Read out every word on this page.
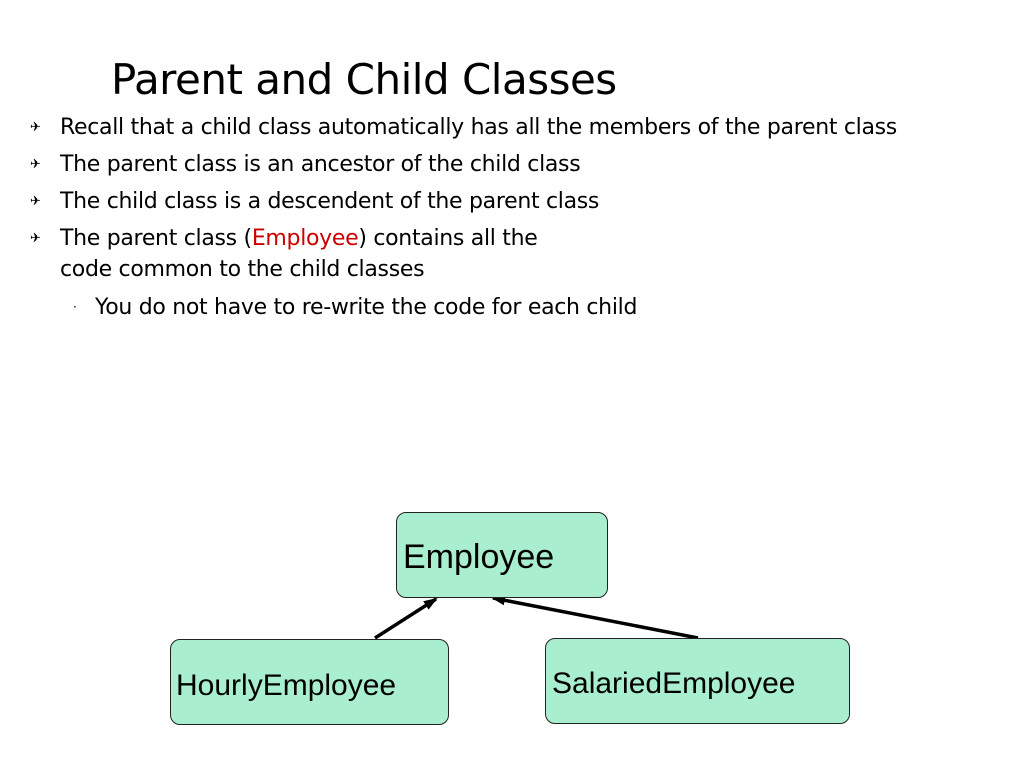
Parent and Child Classes
✈ Recall that a child class automatically has all the members of the parent class
✈ The parent class is an ancestor of the child class
✈ The child class is a descendent of the parent class
✈ The parent class (Employee) contains all the
code common to the child classes
· You do not have to re-write the code for each child
Employee
HourlyEmployee	SalariedEmployee
